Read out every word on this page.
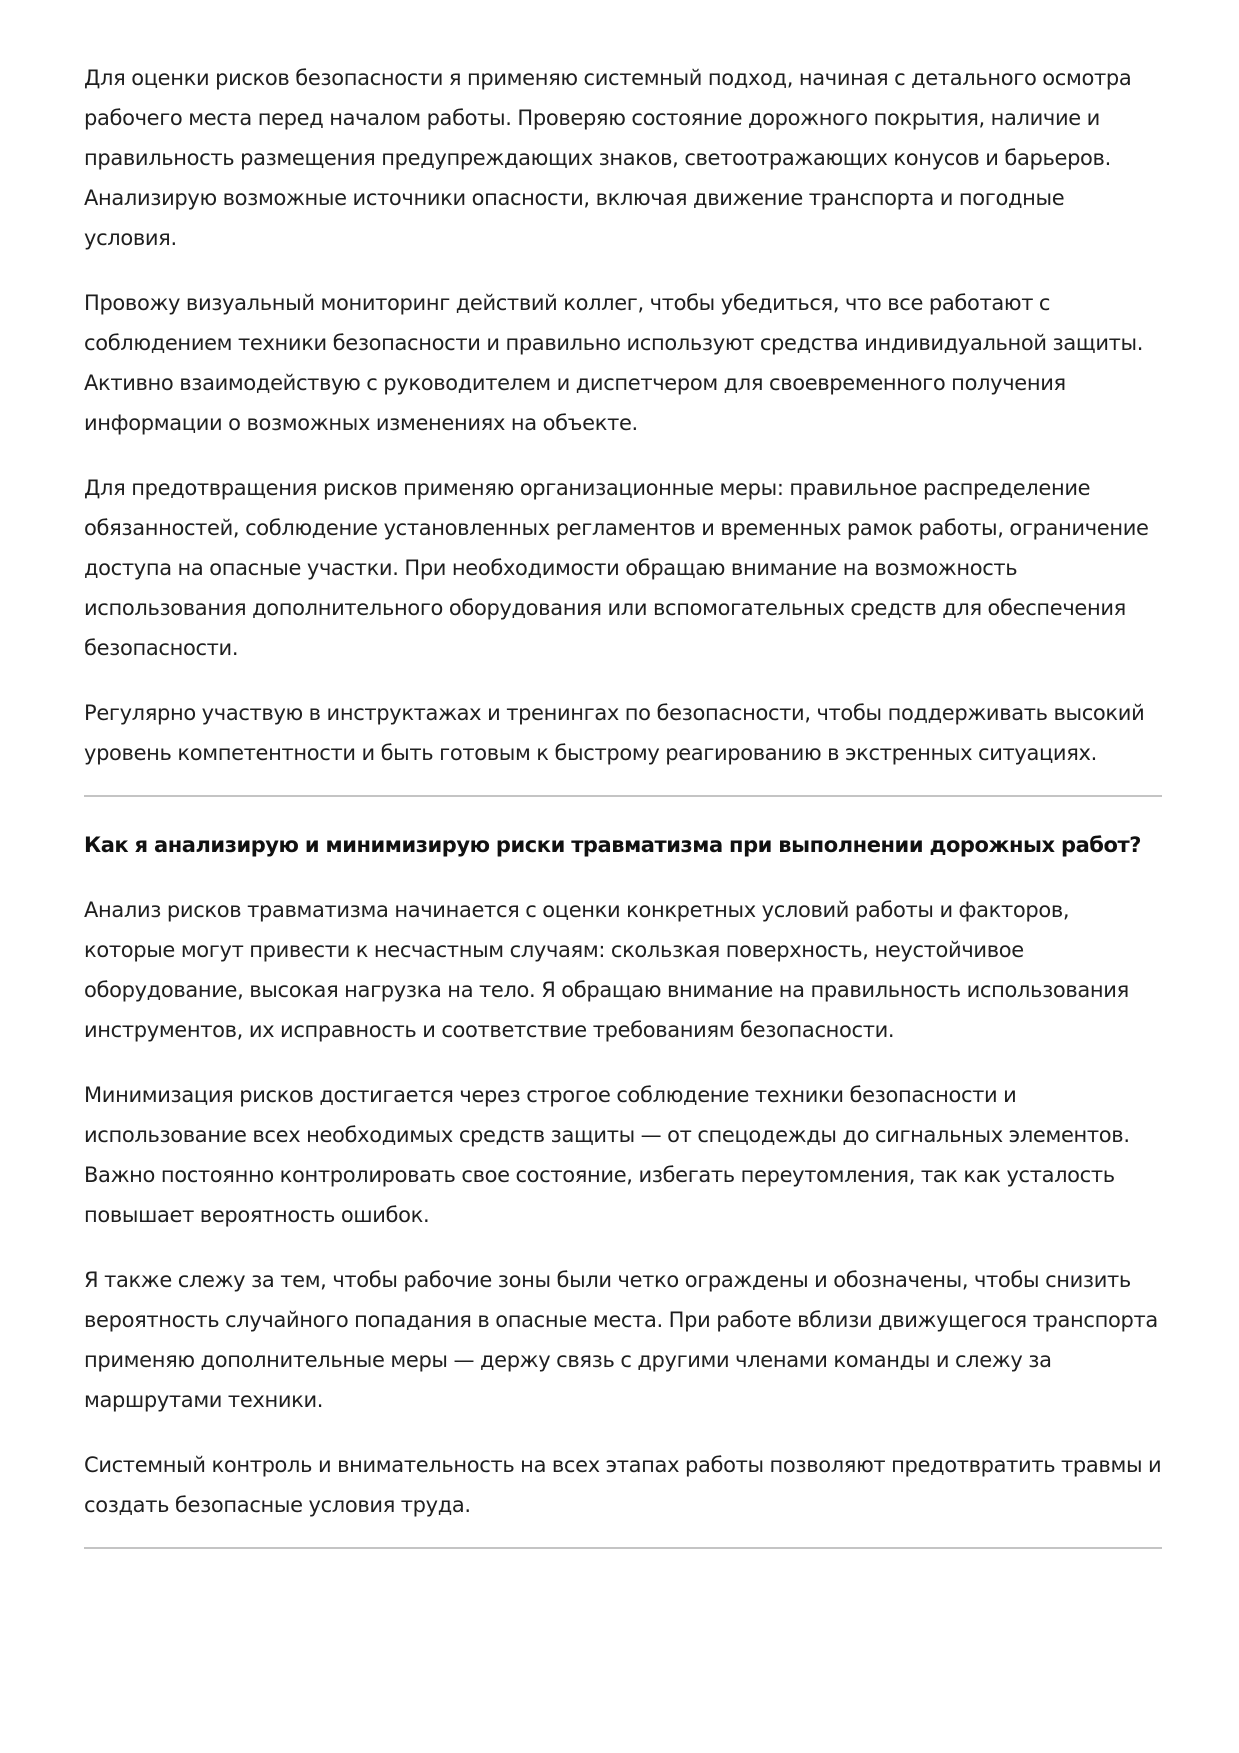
Для оценки рисков безопасности я применяю системный подход, начиная с детального осмотра рабочего места перед началом работы. Проверяю состояние дорожного покрытия, наличие и правильность размещения предупреждающих знаков, светоотражающих конусов и барьеров. Анализирую возможные источники опасности, включая движение транспорта и погодные условия.

Провожу визуальный мониторинг действий коллег, чтобы убедиться, что все работают с соблюдением техники безопасности и правильно используют средства индивидуальной защиты. Активно взаимодействую с руководителем и диспетчером для своевременного получения информации о возможных изменениях на объекте.

Для предотвращения рисков применяю организационные меры: правильное распределение обязанностей, соблюдение установленных регламентов и временных рамок работы, ограничение доступа на опасные участки. При необходимости обращаю внимание на возможность использования дополнительного оборудования или вспомогательных средств для обеспечения безопасности.

Регулярно участвую в инструктажах и тренингах по безопасности, чтобы поддерживать высокий уровень компетентности и быть готовым к быстрому реагированию в экстренных ситуациях.

Как я анализирую и минимизирую риски травматизма при выполнении дорожных работ?

Анализ рисков травматизма начинается с оценки конкретных условий работы и факторов, которые могут привести к несчастным случаям: скользкая поверхность, неустойчивое оборудование, высокая нагрузка на тело. Я обращаю внимание на правильность использования инструментов, их исправность и соответствие требованиям безопасности.

Минимизация рисков достигается через строгое соблюдение техники безопасности и использование всех необходимых средств защиты — от спецодежды до сигнальных элементов. Важно постоянно контролировать свое состояние, избегать переутомления, так как усталость повышает вероятность ошибок.

Я также слежу за тем, чтобы рабочие зоны были четко ограждены и обозначены, чтобы снизить вероятность случайного попадания в опасные места. При работе вблизи движущегося транспорта применяю дополнительные меры — держу связь с другими членами команды и слежу за маршрутами техники.

Системный контроль и внимательность на всех этапах работы позволяют предотвратить травмы и создать безопасные условия труда.
